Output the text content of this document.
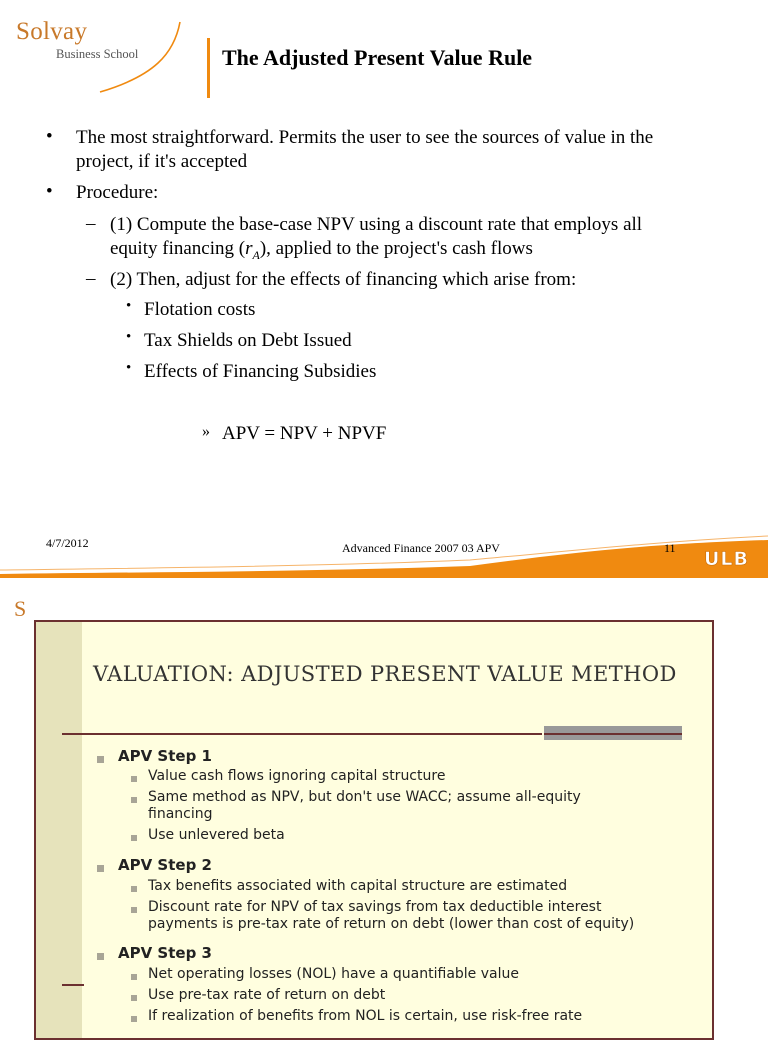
Solvay
Business School	The Adjusted Present Value Rule
• The most straightforward. Permits the user to see the sources of value in the
project, if it's accepted
• Procedure:
– (1) Compute the base-case NPV using a discount rate that employs all
equity financing $(r_A)$, applied to the project's cash flows
– (2) Then, adjust for the effects of financing which arise from:
• Flotation costs
• Tax Shields on Debt Issued
• Effects of Financing Subsidies
» APV = NPV + NPVF
4/7/2012	Advanced Finance 2007 03 APV	11 ULB
S
VALUATION: ADJUSTED PRESENT VALUE METHOD
APV Step 1
Value cash flows ignoring capital structure
Same method as NPV, but don't use WACC; assume all-equity
financing
Use unlevered beta
APV Step 2
Tax benefits associated with capital structure are estimated
Discount rate for NPV of tax savings from tax deductible interest
payments is pre-tax rate of return on debt (lower than cost of equity)
APV Step 3
Net operating losses (NOL) have a quantifiable value
Use pre-tax rate of return on debt
If realization of benefits from NOL is certain, use risk-free rate
